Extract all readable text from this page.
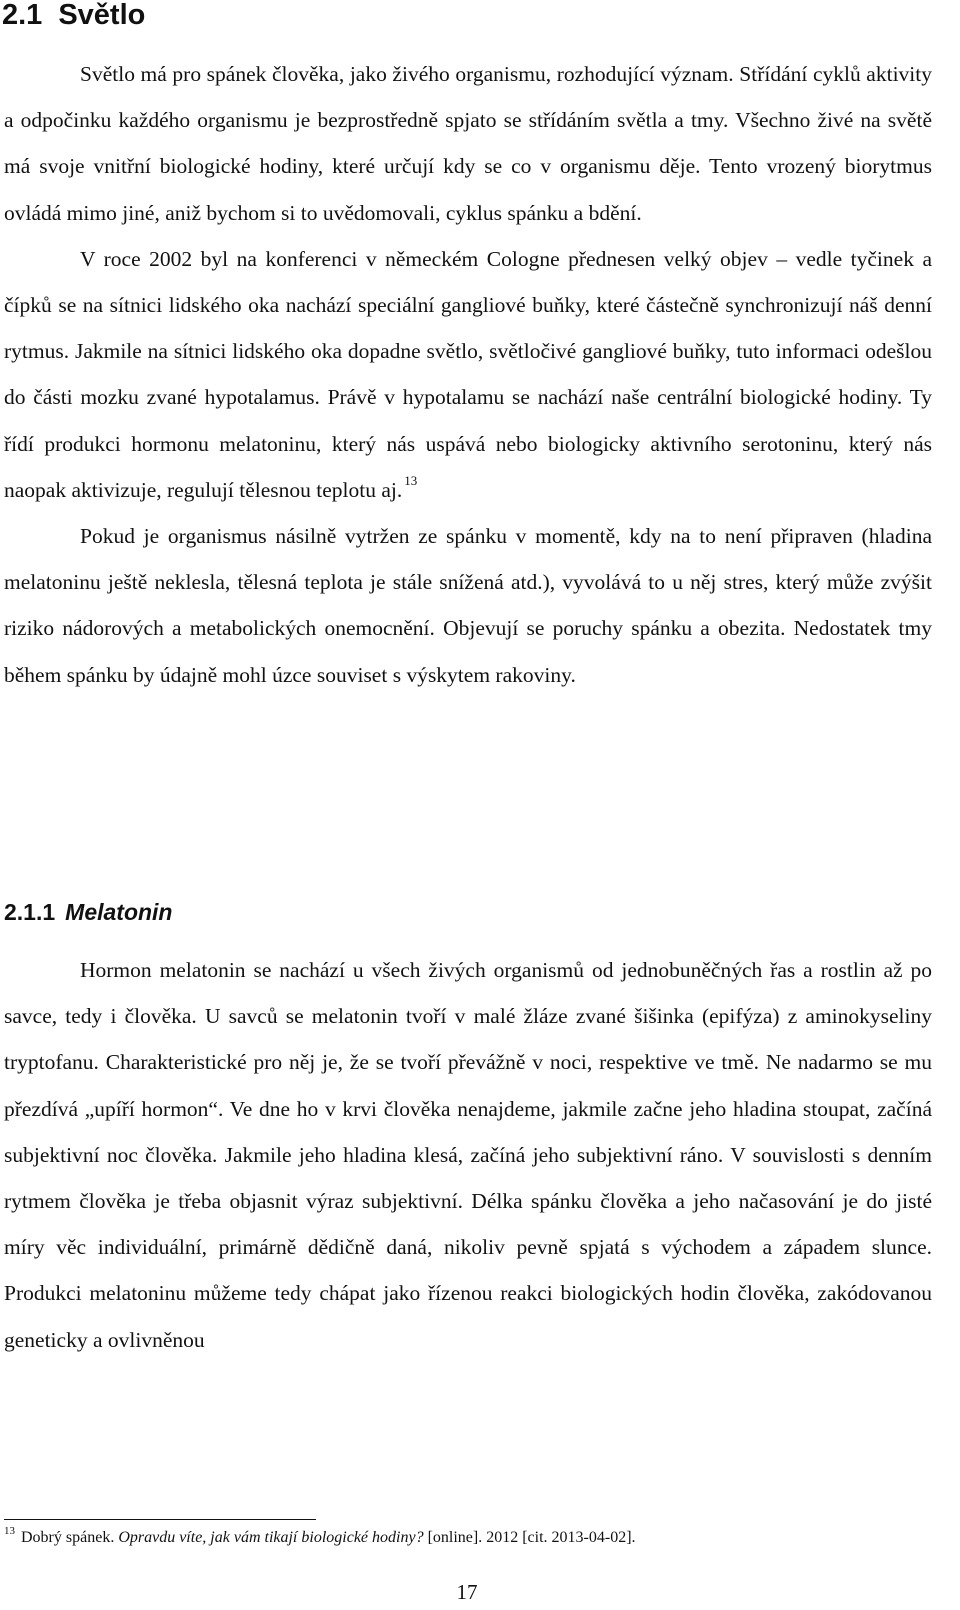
2.1 Světlo

Světlo má pro spánek člověka, jako živého organismu, rozhodující význam. Střídání cyklů aktivity a odpočinku každého organismu je bezprostředně spjato se střídáním světla a tmy. Všechno živé na světě má svoje vnitřní biologické hodiny, které určují kdy se co v organismu děje. Tento vrozený biorytmus ovládá mimo jiné, aniž bychom si to uvědomovali, cyklus spánku a bdění.

V roce 2002 byl na konferenci v německém Cologne přednesen velký objev – vedle tyčinek a čípků se na sítnici lidského oka nachází speciální gangliové buňky, které částečně synchronizují náš denní rytmus. Jakmile na sítnici lidského oka dopadne světlo, světločivé gangliové buňky, tuto informaci odešlou do části mozku zvané hypotalamus. Právě v hypotalamu se nachází naše centrální biologické hodiny. Ty řídí produkci hormonu melatoninu, který nás uspává nebo biologicky aktivního serotoninu, který nás naopak aktivizuje, regulují tělesnou teplotu aj. $^{13}$

Pokud je organismus násilně vytržen ze spánku v momentě, kdy na to není připraven (hladina melatoninu ještě neklesla, tělesná teplota je stále snížená atd.), vyvolává to u něj stres, který může zvýšit riziko nádorových a metabolických onemocnění. Objevují se poruchy spánku a obezita. Nedostatek tmy během spánku by údajně mohl úzce souviset s výskytem rakoviny.

2.1.1 Melatonin

Hormon melatonin se nachází u všech živých organismů od jednobuněčných řas a rostlin až po savce, tedy i člověka. U savců se melatonin tvoří v malé žláze zvané šišinka (epifýza) z aminokyseliny tryptofanu. Charakteristické pro něj je, že se tvoří převážně v noci, respektive ve tmě. Ne nadarmo se mu přezdívá „upíří hormon“. Ve dne ho v krvi člověka nenajdeme, jakmile začne jeho hladina stoupat, začíná subjektivní noc člověka. Jakmile jeho hladina klesá, začíná jeho subjektivní ráno. V souvislosti s denním rytmem člověka je třeba objasnit výraz subjektivní. Délka spánku člověka a jeho načasování je do jisté míry věc individuální, primárně dědičně daná, nikoliv pevně spjatá s východem a západem slunce. Produkci melatoninu můžeme tedy chápat jako řízenou reakci biologických hodin člověka, zakódovanou geneticky a ovlivněnou

$^{13}$ Dobrý spánek. Opravdu víte, jak vám tikají biologické hodiny? [online]. 2012 [cit. 2013-04-02].

17
